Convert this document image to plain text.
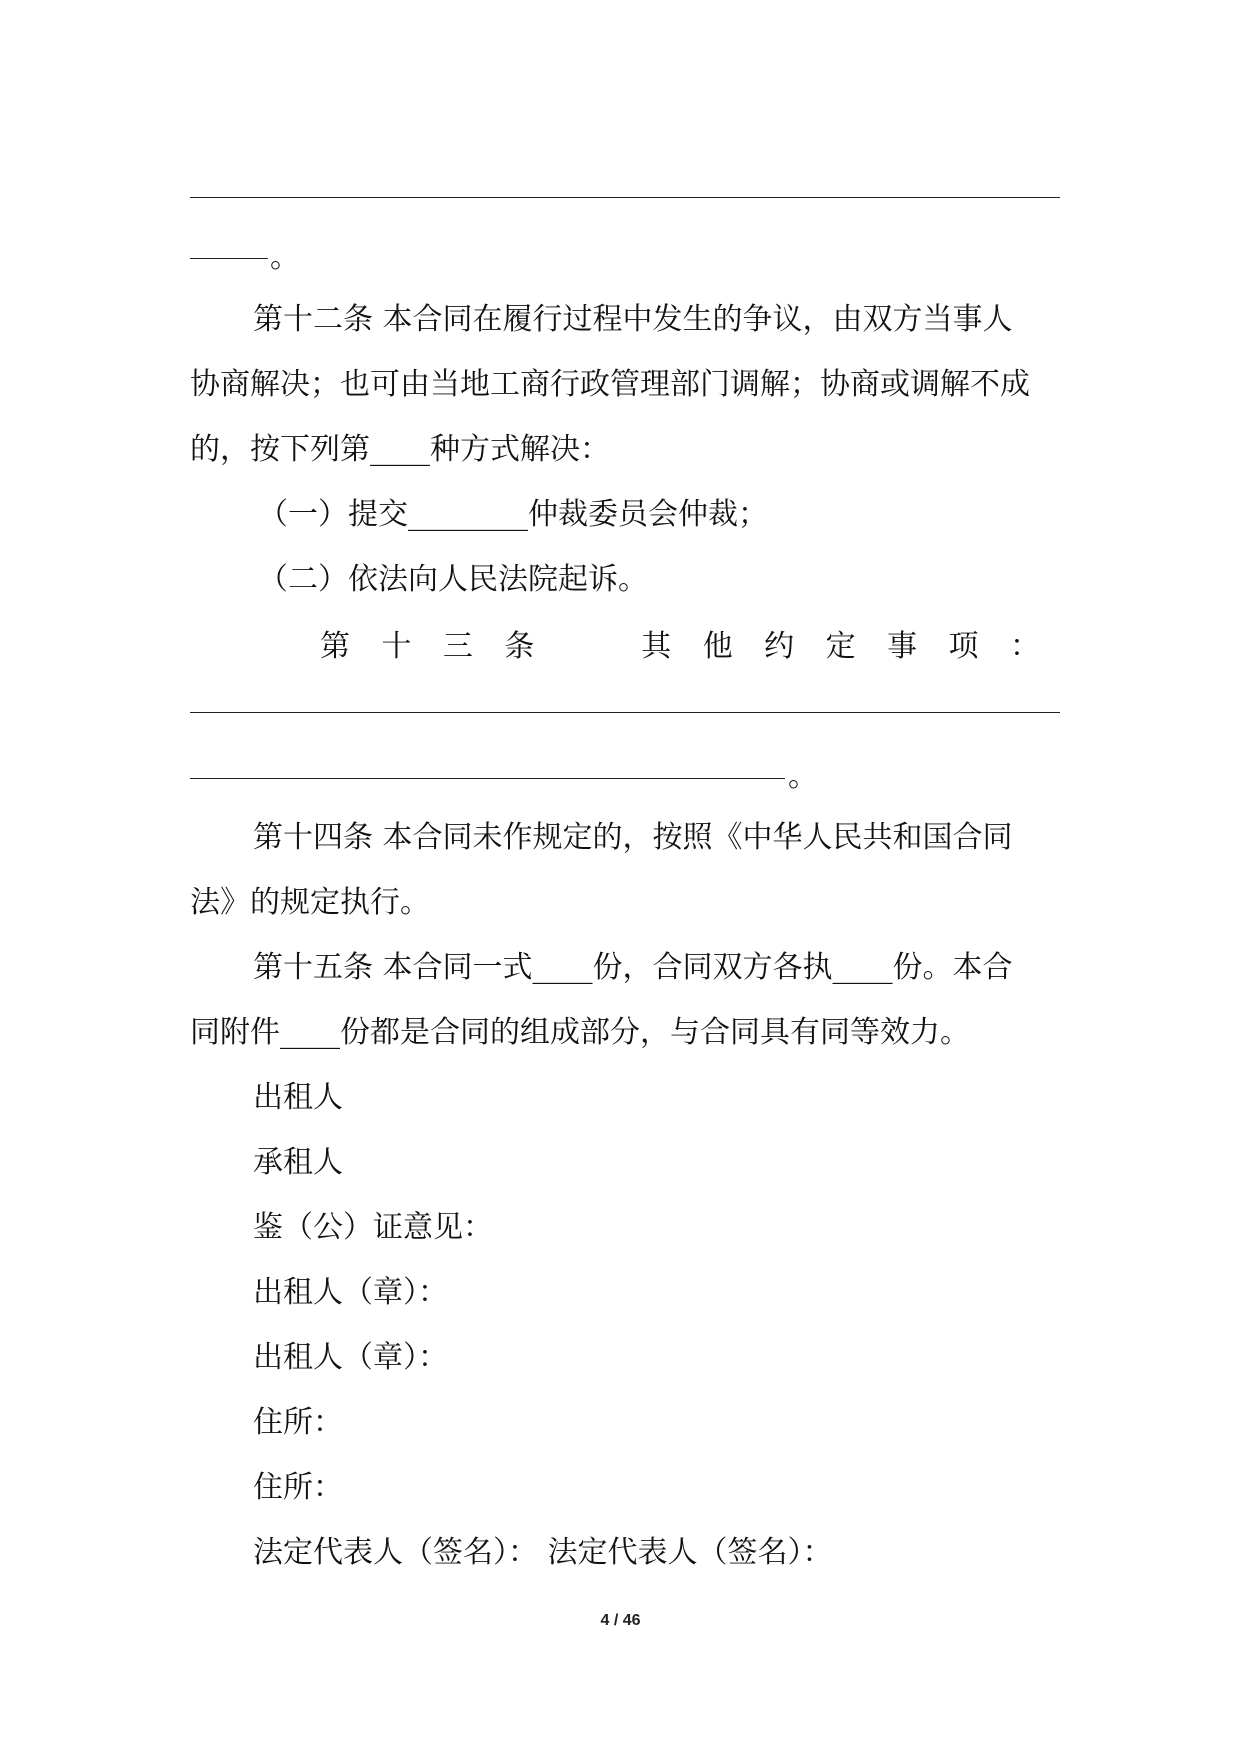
。
第十二条 本合同在履行过程中发生的争议，由双方当事人
协商解决；也可由当地工商行政管理部门调解；协商或调解不成
的，按下列第____种方式解决：
（一）提交________仲裁委员会仲裁；
（二）依法向人民法院起诉。
第 十 三 条	其 他 约 定 事 项 ：
。
第十四条 本合同未作规定的，按照《中华人民共和国合同
法》的规定执行。
第十五条 本合同一式____份，合同双方各执____份。本合
同附件____份都是合同的组成部分，与合同具有同等效力。
出租人
承租人
鉴（公）证意见：
出租人（章）：
出租人（章）：
住所：
住所：
法定代表人（签名）： 法定代表人（签名）：
4 / 46
